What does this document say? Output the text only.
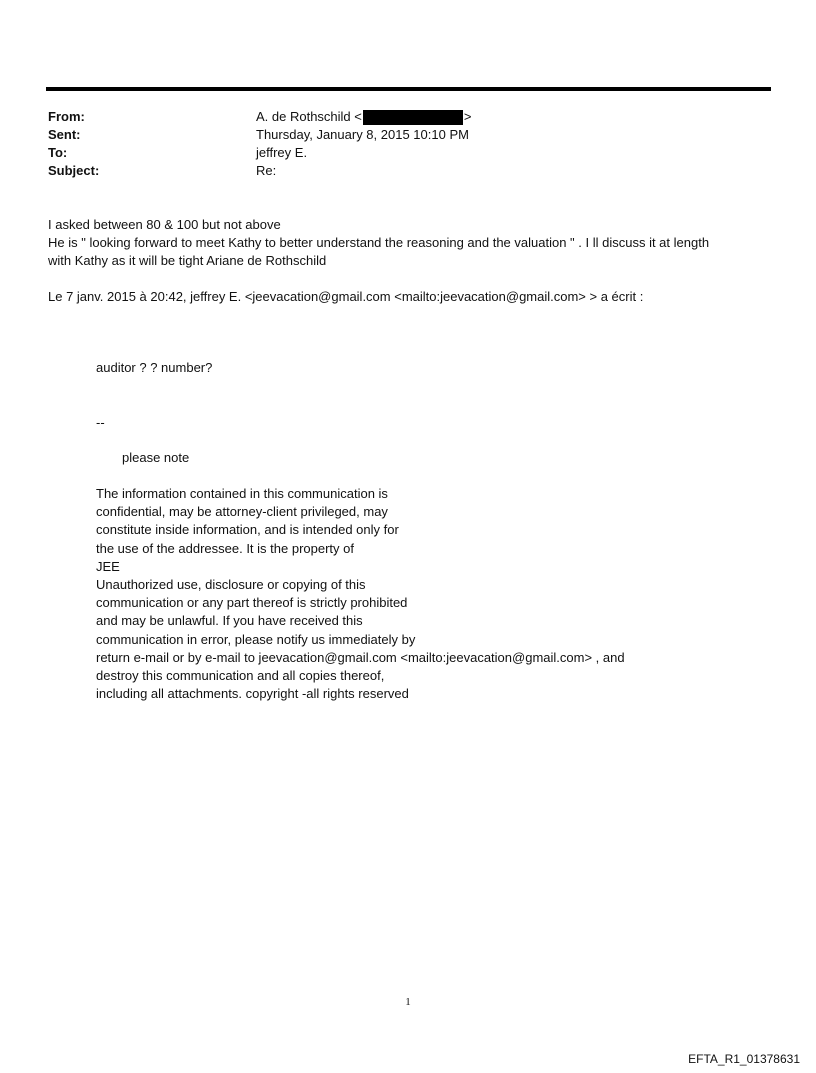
From:	A. de Rothschild <	>
Sent:	Thursday, January 8, 2015 10:10 PM
To:	jeffrey E.
Subject:	Re:

I asked between 80 & 100 but not above

He is " looking forward to meet Kathy to better understand the reasoning and the valuation " . I ll discuss it at length

with Kathy as it will be tight Ariane de Rothschild

Le 7 janv. 2015 à 20:42, jeffrey E. <jeevacation@gmail.com <mailto:jeevacation@gmail.com> > a écrit :
auditor ? ? number?
--
please note
The information contained in this communication is
confidential, may be attorney-client privileged, may
constitute inside information, and is intended only for
the use of the addressee. It is the property of
JEE
Unauthorized use, disclosure or copying of this
communication or any part thereof is strictly prohibited
and may be unlawful. If you have received this
communication in error, please notify us immediately by
return e-mail or by e-mail to jeevacation@gmail.com <mailto:jeevacation@gmail.com> , and
destroy this communication and all copies thereof,
including all attachments. copyright -all rights reserved
1
EFTA_R1_01378631
